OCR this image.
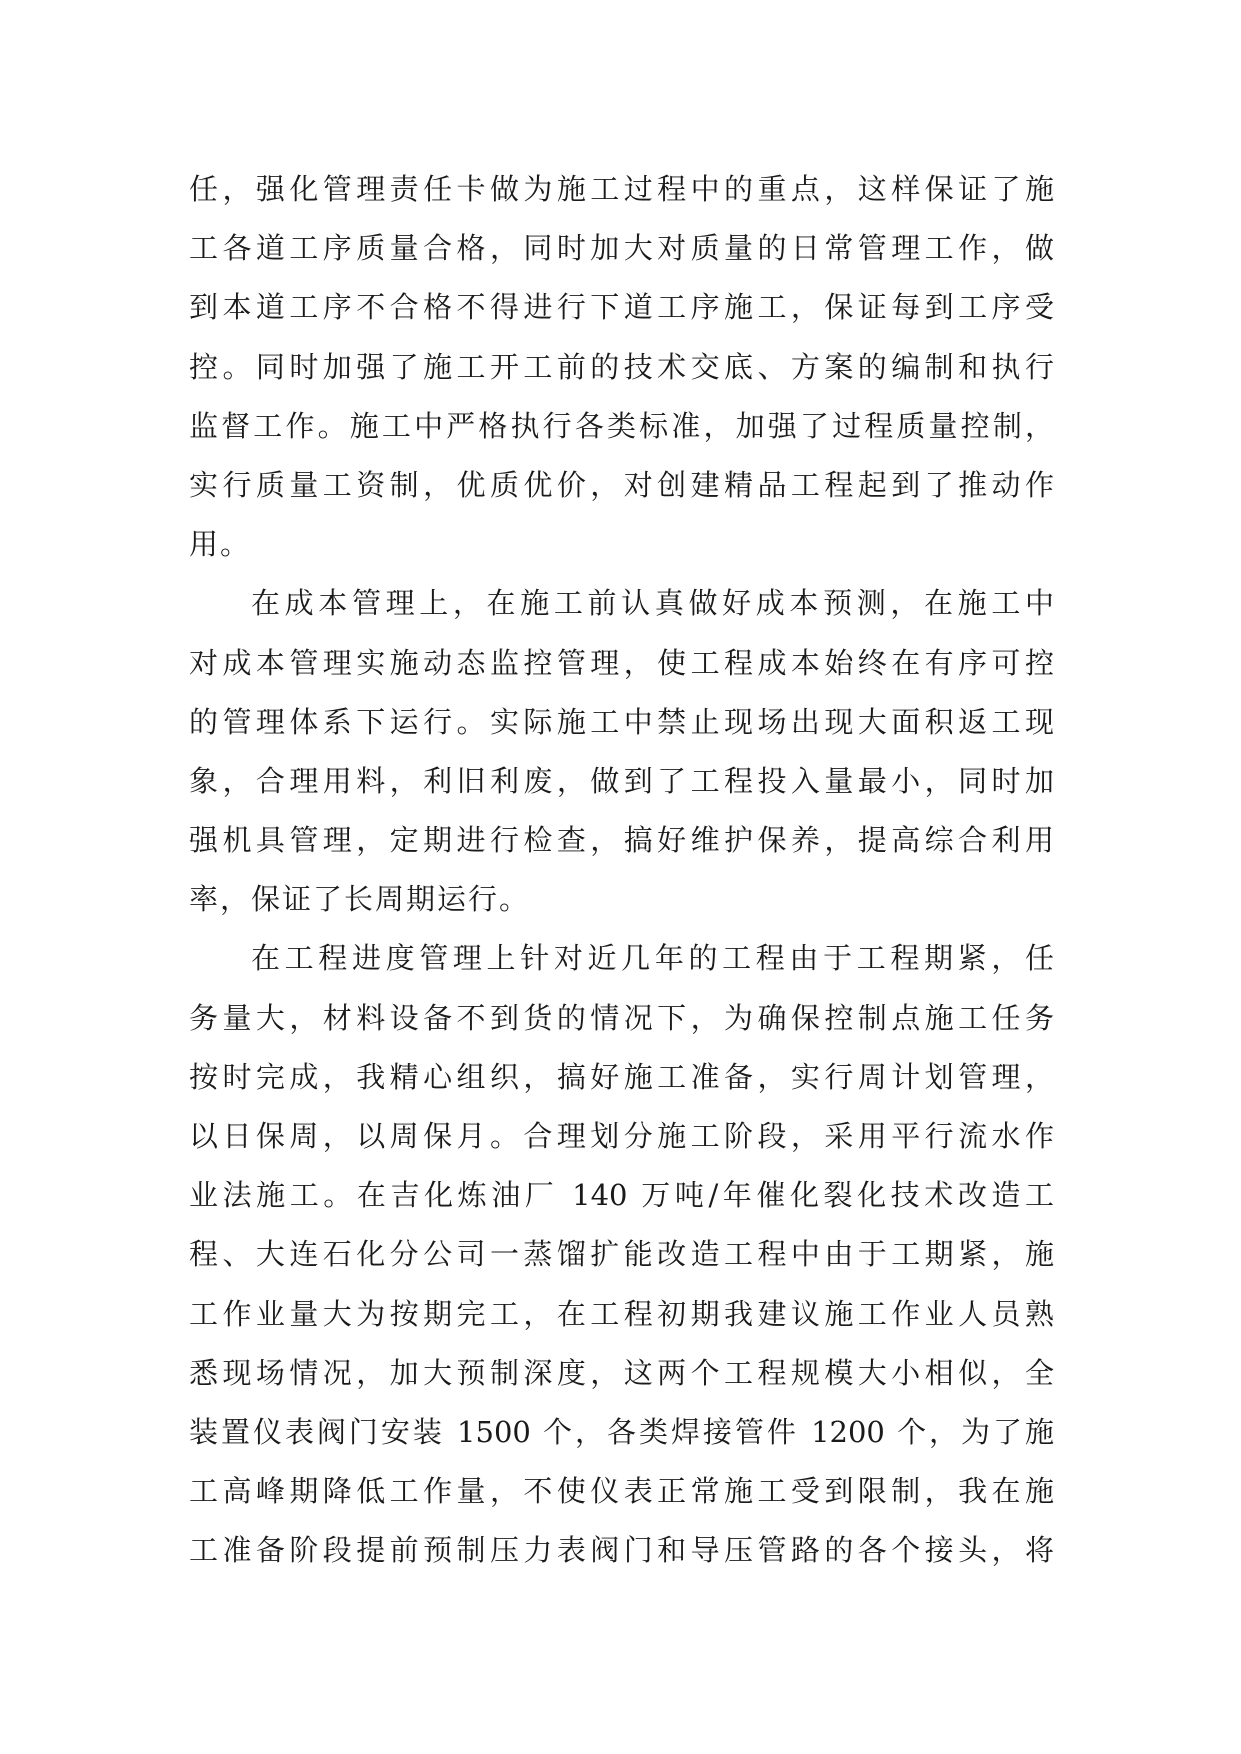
任，强化管理责任卡做为施工过程中的重点，这样保证了施
工各道工序质量合格，同时加大对质量的日常管理工作，做
到本道工序不合格不得进行下道工序施工，保证每到工序受
控。同时加强了施工开工前的技术交底、方案的编制和执行
监督工作。施工中严格执行各类标准，加强了过程质量控制，
实行质量工资制，优质优价，对创建精品工程起到了推动作
用。
在成本管理上，在施工前认真做好成本预测，在施工中
对成本管理实施动态监控管理，使工程成本始终在有序可控
的管理体系下运行。实际施工中禁止现场出现大面积返工现
象，合理用料，利旧利废，做到了工程投入量最小，同时加
强机具管理，定期进行检查，搞好维护保养，提高综合利用
率，保证了长周期运行。
在工程进度管理上针对近几年的工程由于工程期紧，任
务量大，材料设备不到货的情况下，为确保控制点施工任务
按时完成，我精心组织，搞好施工准备，实行周计划管理，
以日保周，以周保月。合理划分施工阶段，采用平行流水作
业法施工。在吉化炼油厂 140 万吨/年催化裂化技术改造工
程、大连石化分公司一蒸馏扩能改造工程中由于工期紧，施
工作业量大为按期完工，在工程初期我建议施工作业人员熟
悉现场情况，加大预制深度，这两个工程规模大小相似，全
装置仪表阀门安装 1500 个，各类焊接管件 1200 个，为了施
工高峰期降低工作量，不使仪表正常施工受到限制，我在施
工准备阶段提前预制压力表阀门和导压管路的各个接头，将
